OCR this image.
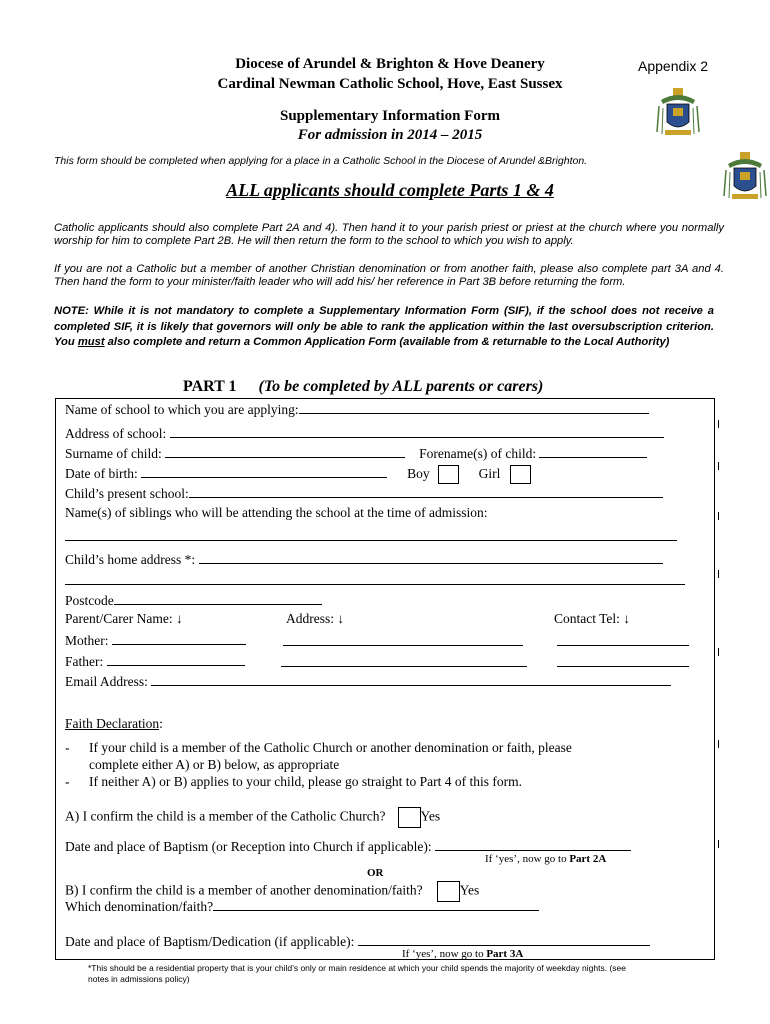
Diocese of Arundel & Brighton & Hove Deanery
Cardinal Newman Catholic School, Hove, East Sussex
Appendix 2
Supplementary Information Form
For admission in 2014 – 2015
This form should be completed when applying for a place in a Catholic School in the Diocese of Arundel &Brighton.
ALL applicants should complete Parts 1 & 4
Catholic applicants should also complete Part 2A and 4). Then hand it to your parish priest or priest at the church where you normally worship for him to complete Part 2B. He will then return the form to the school to which you wish to apply.
If you are not a Catholic but a member of another Christian denomination or from another faith, please also complete part 3A and 4. Then hand the form to your minister/faith leader who will add his/ her reference in Part 3B before returning the form.
NOTE: While it is not mandatory to complete a Supplementary Information Form (SIF), if the school does not receive a completed SIF, it is likely that governors will only be able to rank the application within the last oversubscription criterion. You must also complete and return a Common Application Form (available from & returnable to the Local Authority)
PART 1 (To be completed by ALL parents or carers)
Name of school to which you are applying:
Address of school:
Surname of child:	Forename(s) of child:
Date of birth:	Boy	Girl
Child’s present school:
Name(s) of siblings who will be attending the school at the time of admission:
Child’s home address *:
Postcode
Parent/Carer Name: ↓	Address: ↓	Contact Tel: ↓
Mother:
Father:
Email Address:
Faith Declaration:
- If your child is a member of the Catholic Church or another denomination or faith, please
complete either A) or B) below, as appropriate
- If neither A) or B) applies to your child, please go straight to Part 4 of this form.
A) I confirm the child is a member of the Catholic Church?	Yes
Date and place of Baptism (or Reception into Church if applicable):
If ‘yes’, now go to Part 2A
OR
B) I confirm the child is a member of another denomination/faith?	Yes
Which denomination/faith?
Date and place of Baptism/Dedication (if applicable):
If ‘yes’, now go to Part 3A
*This should be a residential property that is your child’s only or main residence at which your child spends the majority of weekday nights. (see
notes in admissions policy)
